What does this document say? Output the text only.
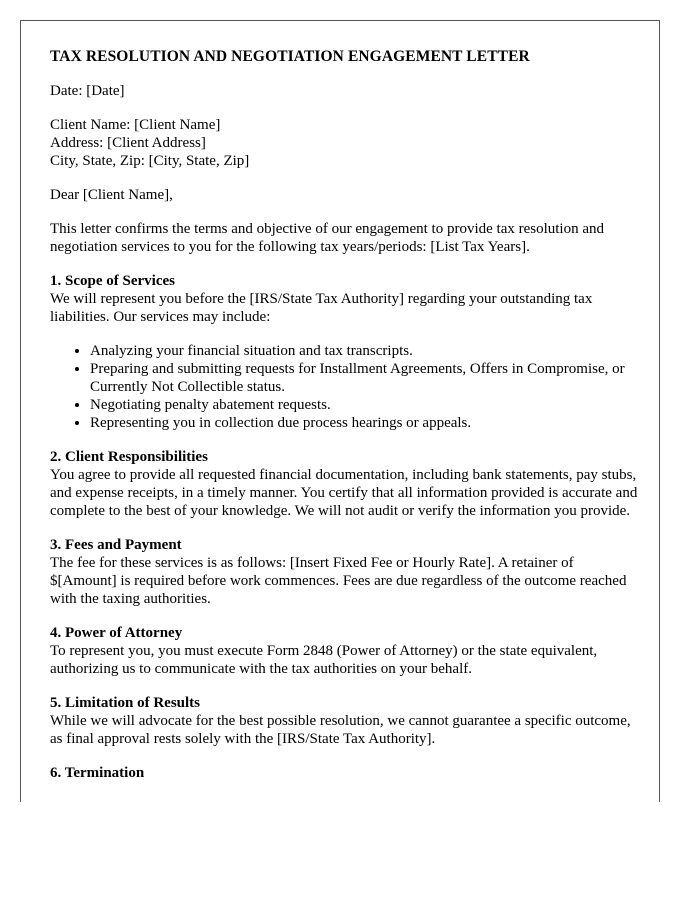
TAX RESOLUTION AND NEGOTIATION ENGAGEMENT LETTER

Date: [Date]

Client Name: [Client Name]
Address: [Client Address]
City, State, Zip: [City, State, Zip]

Dear [Client Name],

This letter confirms the terms and objective of our engagement to provide tax resolution and negotiation services to you for the following tax years/periods: [List Tax Years].

1. Scope of Services

We will represent you before the [IRS/State Tax Authority] regarding your outstanding tax liabilities. Our services may include:

• Analyzing your financial situation and tax transcripts.
• Preparing and submitting requests for Installment Agreements, Offers in Compromise, or Currently Not Collectible status.
• Negotiating penalty abatement requests.
• Representing you in collection due process hearings or appeals.
2. Client Responsibilities

You agree to provide all requested financial documentation, including bank statements, pay stubs, and expense receipts, in a timely manner. You certify that all information provided is accurate and complete to the best of your knowledge. We will not audit or verify the information you provide.

3. Fees and Payment

The fee for these services is as follows: [Insert Fixed Fee or Hourly Rate]. A retainer of $[Amount] is required before work commences. Fees are due regardless of the outcome reached with the taxing authorities.

4. Power of Attorney

To represent you, you must execute Form 2848 (Power of Attorney) or the state equivalent, authorizing us to communicate with the tax authorities on your behalf.

5. Limitation of Results

While we will advocate for the best possible resolution, we cannot guarantee a specific outcome, as final approval rests solely with the [IRS/State Tax Authority].

6. Termination
